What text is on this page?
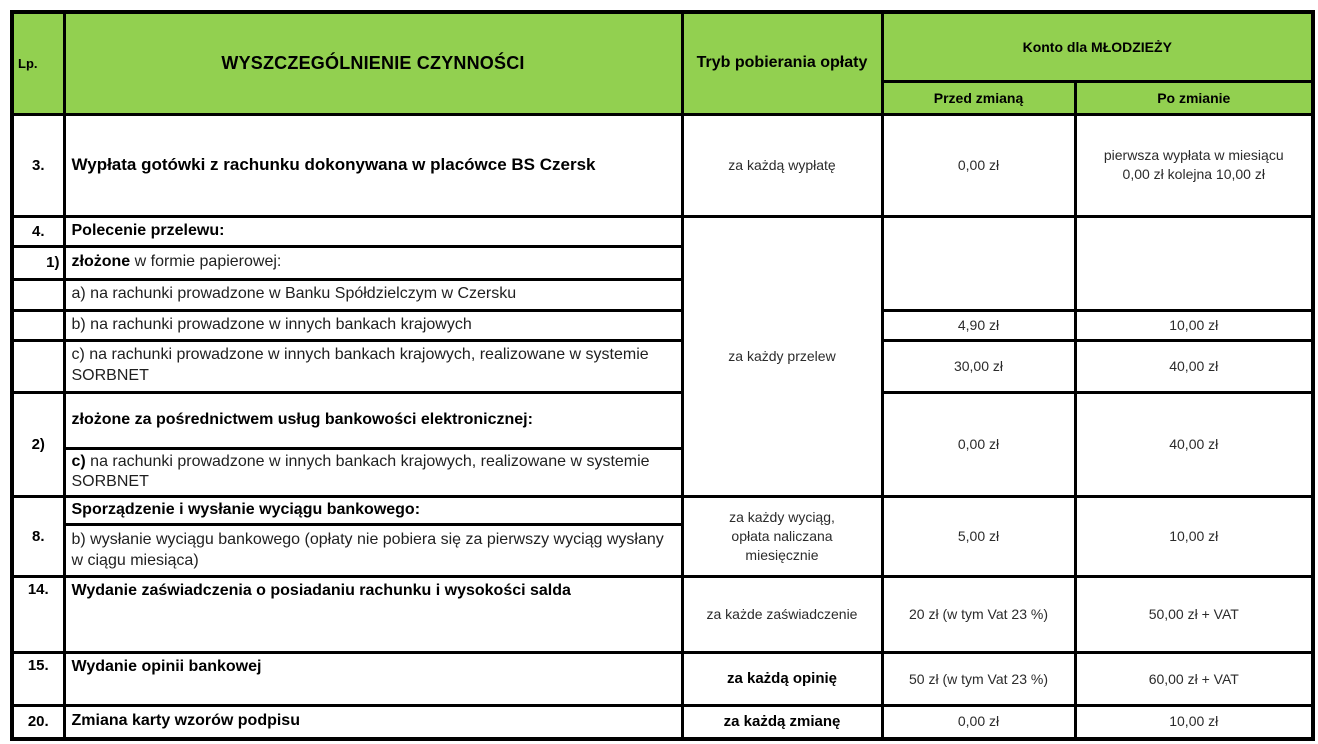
Lp.	WYSZCZEGÓLNIENIE CZYNNOŚCI	Tryb pobierania opłaty	Konto dla MŁODZIEŻY	
			Przed zmianą	Po zmianie
3.	Wypłata gotówki z rachunku dokonywana w placówce BS Czersk	za każdą wypłatę	0,00 zł	pierwsza wypłata w miesiącu 0,00 zł kolejna 10,00 zł

4.	Polecenie przelewu:	za każdy przelew		
1)	złożone w formie papierowej:			
	a) na rachunki prowadzone w Banku Spółdzielczym w Czersku			
	b) na rachunki prowadzone w innych bankach krajowych		4,90 zł	10,00 zł
	c) na rachunki prowadzone w innych bankach krajowych, realizowane w systemie SORBNET		30,00 zł	40,00 zł
2)	złożone za pośrednictwem usług bankowości elektronicznej:		0,00 zł	40,00 zł
	c) na rachunki prowadzone w innych bankach krajowych, realizowane w systemie SORBNET			
8.	Sporządzenie i wysłanie wyciągu bankowego:	za każdy wyciąg, opłata naliczana miesięcznie	5,00 zł	10,00 zł
	b) wysłanie wyciągu bankowego (opłaty nie pobiera się za pierwszy wyciąg wysłany w ciągu miesiąca)			
14.	Wydanie zaświadczenia o posiadaniu rachunku i wysokości salda	za każde zaświadczenie	20 zł (w tym Vat 23 %)	50,00 zł + VAT
15.	Wydanie opinii bankowej	za każdą opinię	50 zł (w tym Vat 23 %)	60,00 zł + VAT
20.	Zmiana karty wzorów podpisu	za każdą zmianę	0,00 zł	10,00 zł
